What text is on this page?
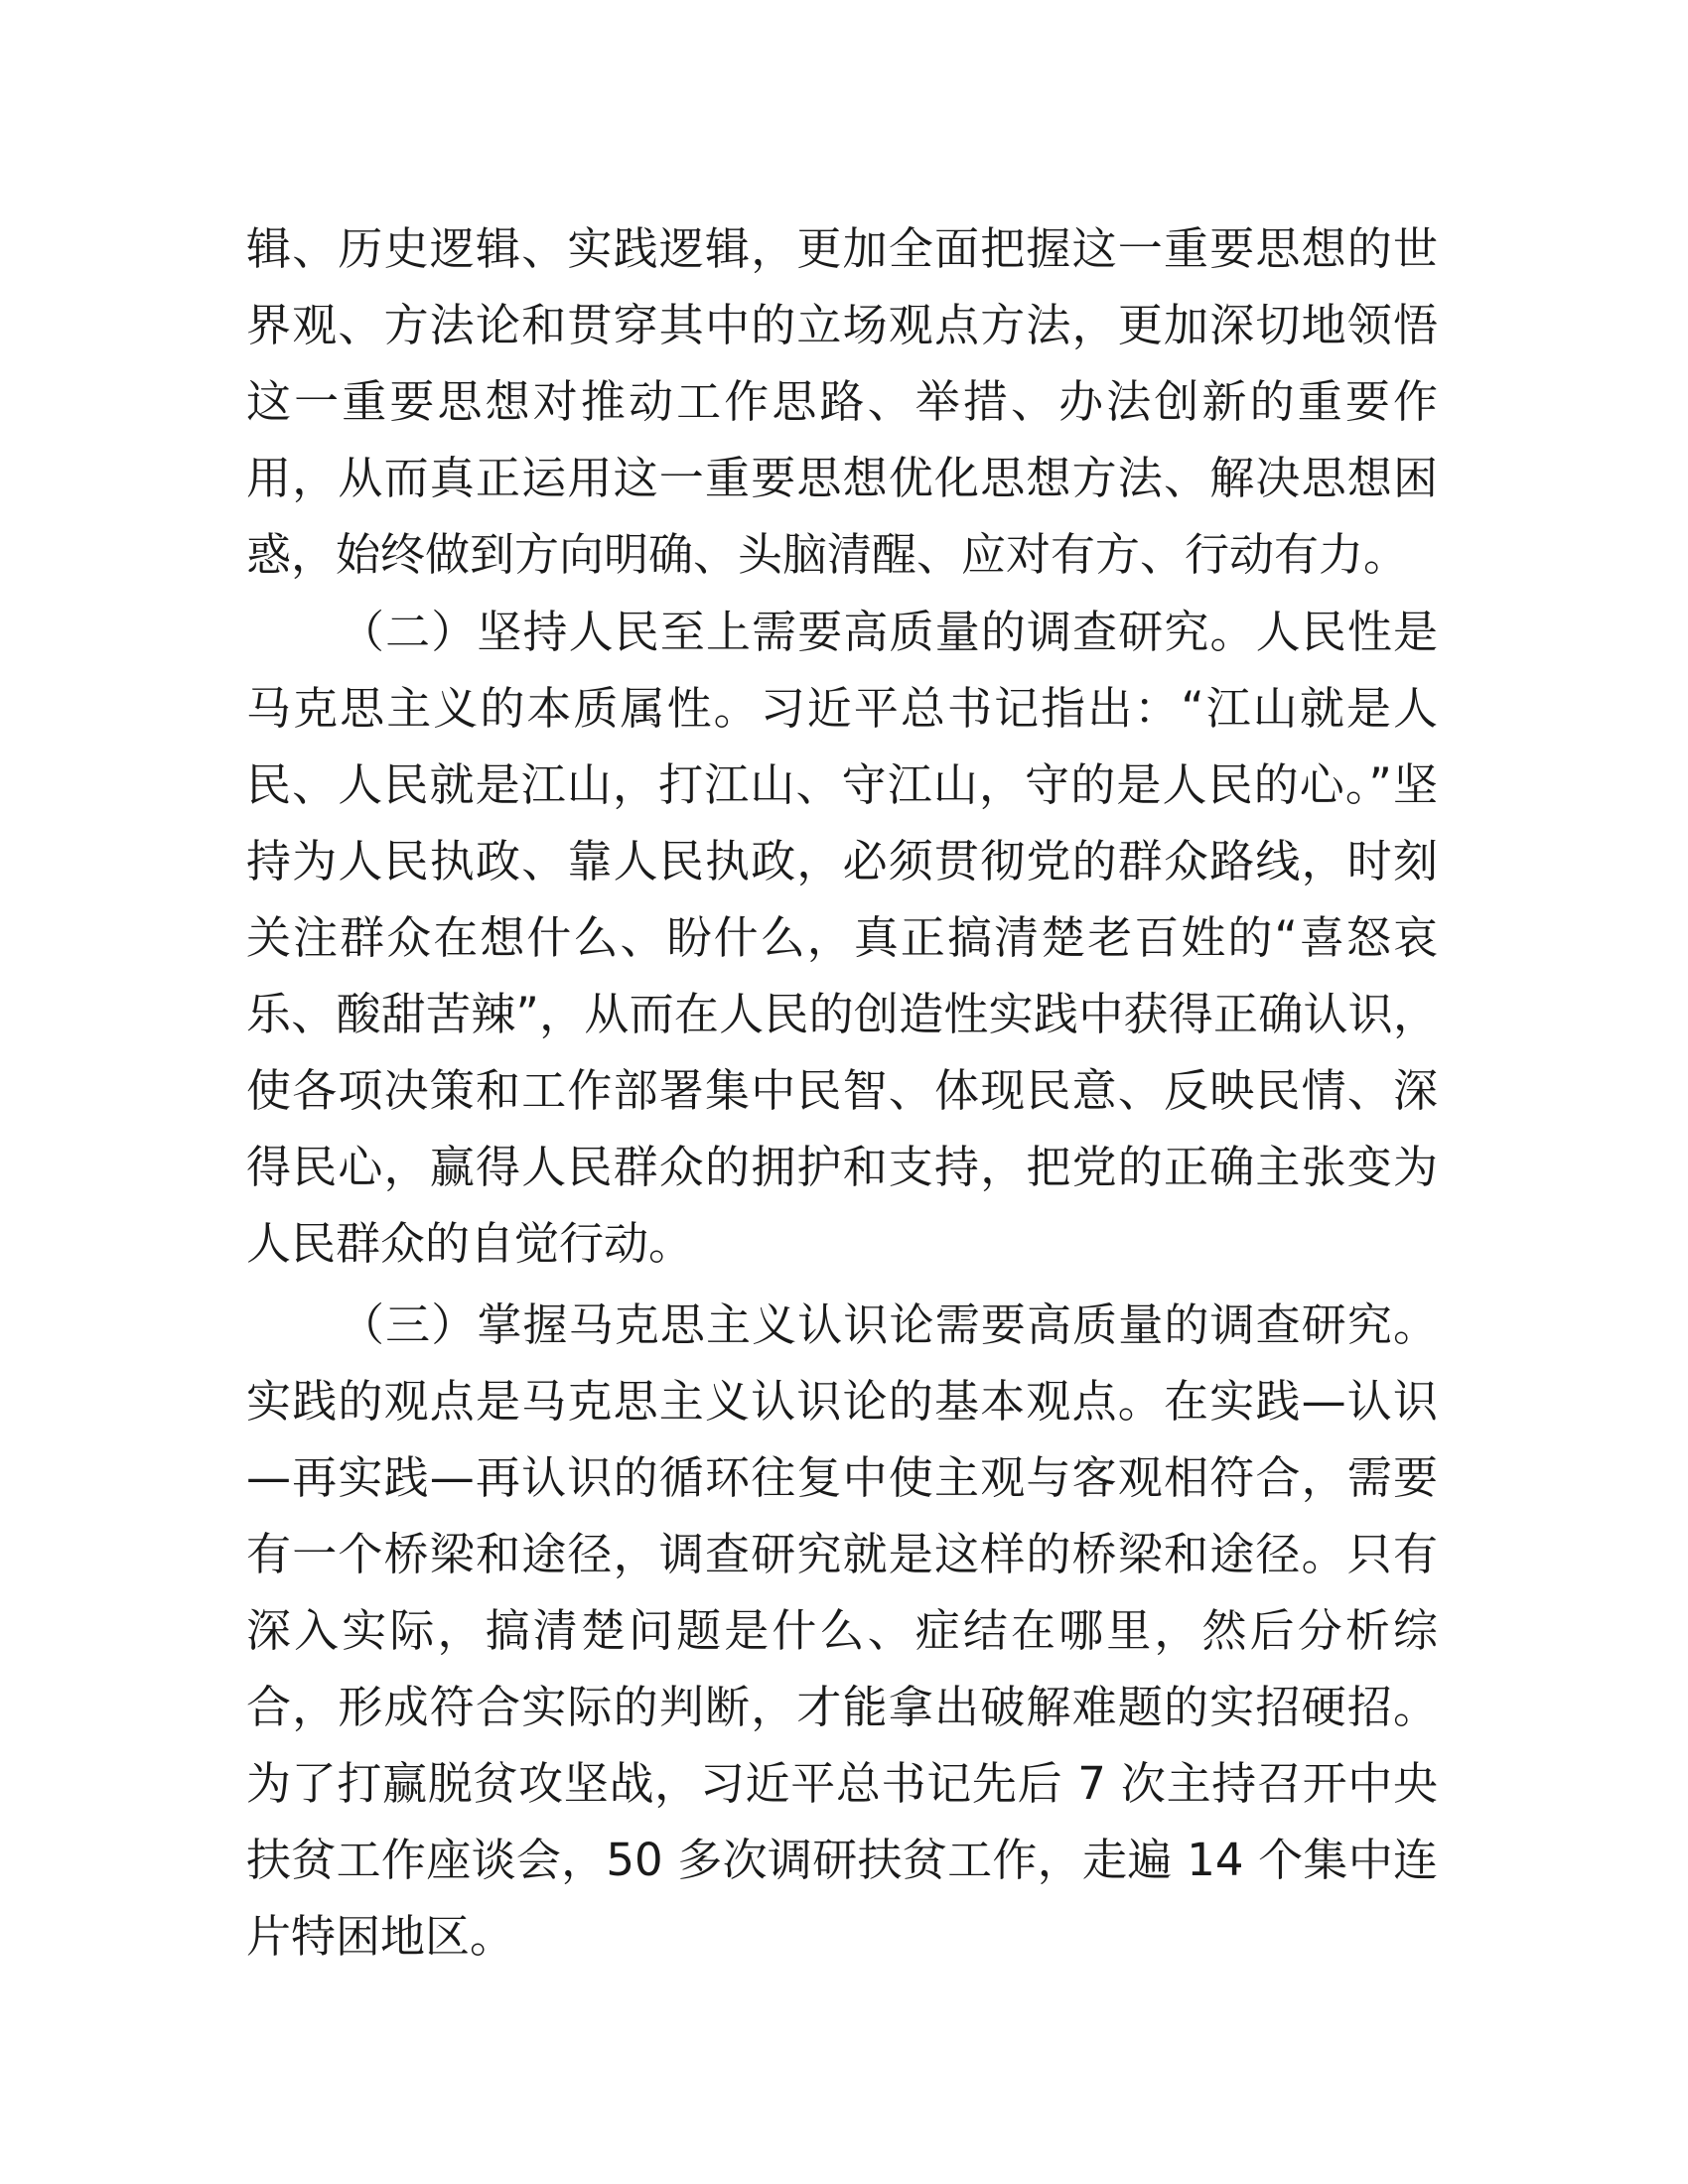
辑、历史逻辑、实践逻辑，更加全面把握这一重要思想的世界观、方法论和贯穿其中的立场观点方法，更加深切地领悟这一重要思想对推动工作思路、举措、办法创新的重要作用，从而真正运用这一重要思想优化思想方法、解决思想困惑，始终做到方向明确、头脑清醒、应对有方、行动有力。

（二）坚持人民至上需要高质量的调查研究。人民性是马克思主义的本质属性。习近平总书记指出：“江山就是人民、人民就是江山，打江山、守江山，守的是人民的心。”坚持为人民执政、靠人民执政，必须贯彻党的群众路线，时刻关注群众在想什么、盼什么，真正搞清楚老百姓的“喜怒哀乐、酸甜苦辣”，从而在人民的创造性实践中获得正确认识，使各项决策和工作部署集中民智、体现民意、反映民情、深得民心，赢得人民群众的拥护和支持，把党的正确主张变为人民群众的自觉行动。

（三）掌握马克思主义认识论需要高质量的调查研究。实践的观点是马克思主义认识论的基本观点。在实践—认识—再实践—再认识的循环往复中使主观与客观相符合，需要有一个桥梁和途径，调查研究就是这样的桥梁和途径。只有深入实际，搞清楚问题是什么、症结在哪里，然后分析综合，形成符合实际的判断，才能拿出破解难题的实招硬招。为了打赢脱贫攻坚战，习近平总书记先后 7 次主持召开中央扶贫工作座谈会，50 多次调研扶贫工作，走遍 14 个集中连片特困地区。
